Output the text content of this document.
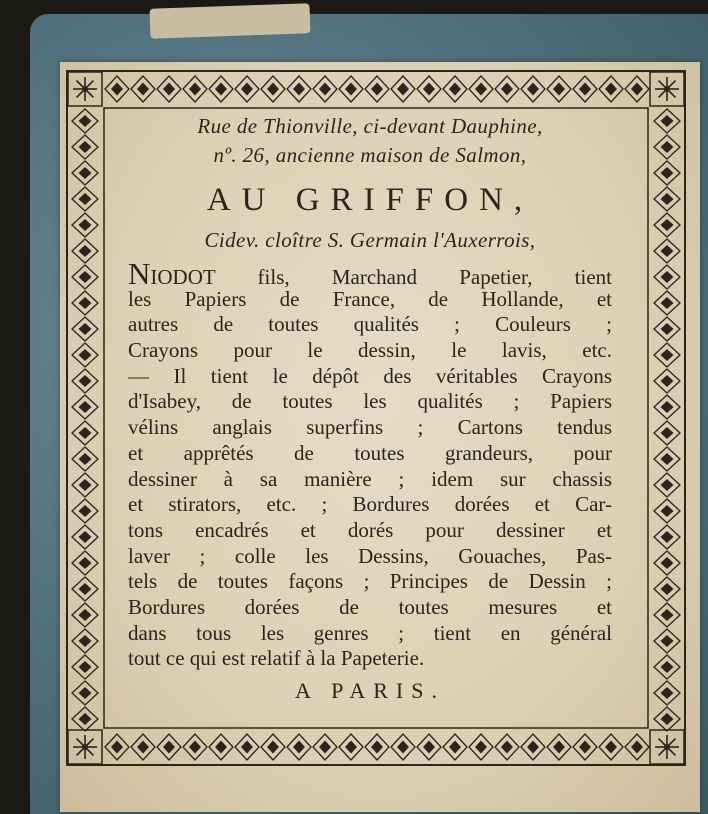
Rue de Thionville, ci-devant Dauphine,
nº. 26, ancienne maison de Salmon,
AU GRIFFON,
Cidev. cloître S. Germain l'Auxerrois,
NIODOT fils, Marchand Papetier, tient
les Papiers de France, de Hollande, et
autres de toutes qualités ; Couleurs ;
Crayons pour le dessin, le lavis, etc.
— Il tient le dépôt des véritables Crayons
d'Isabey, de toutes les qualités ; Papiers
vélins anglais superfins ; Cartons tendus
et apprêtés de toutes grandeurs, pour
dessiner à sa manière ; idem sur chassis
et stirators, etc. ; Bordures dorées et Car-
tons encadrés et dorés pour dessiner et
laver ; colle les Dessins, Gouaches, Pas-
tels de toutes façons ; Principes de Dessin ;
Bordures dorées de toutes mesures et
dans tous les genres ; tient en général
tout ce qui est relatif à la Papeterie.
A PARIS.
